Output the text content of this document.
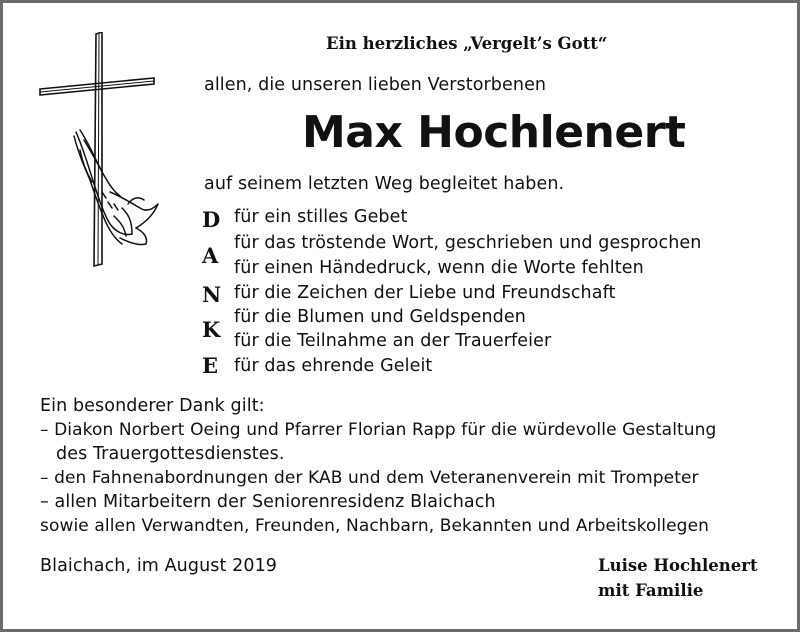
Ein herzliches „Vergelt’s Gott“
allen, die unseren lieben Verstorbenen
Max Hochlenert
auf seinem letzten Weg begleitet haben.
D
A
N
K
E
für ein stilles Gebet
für das tröstende Wort, geschrieben und gesprochen
für einen Händedruck, wenn die Worte fehlten
für die Zeichen der Liebe und Freundschaft
für die Blumen und Geldspenden
für die Teilnahme an der Trauerfeier
für das ehrende Geleit
Ein besonderer Dank gilt:
– Diakon Norbert Oeing und Pfarrer Florian Rapp für die würdevolle Gestaltung
des Trauergottesdienstes.
– den Fahnenabordnungen der KAB und dem Veteranenverein mit Trompeter
– allen Mitarbeitern der Seniorenresidenz Blaichach
sowie allen Verwandten, Freunden, Nachbarn, Bekannten und Arbeitskollegen
Blaichach, im August 2019	Luise Hochlenert
mit Familie
